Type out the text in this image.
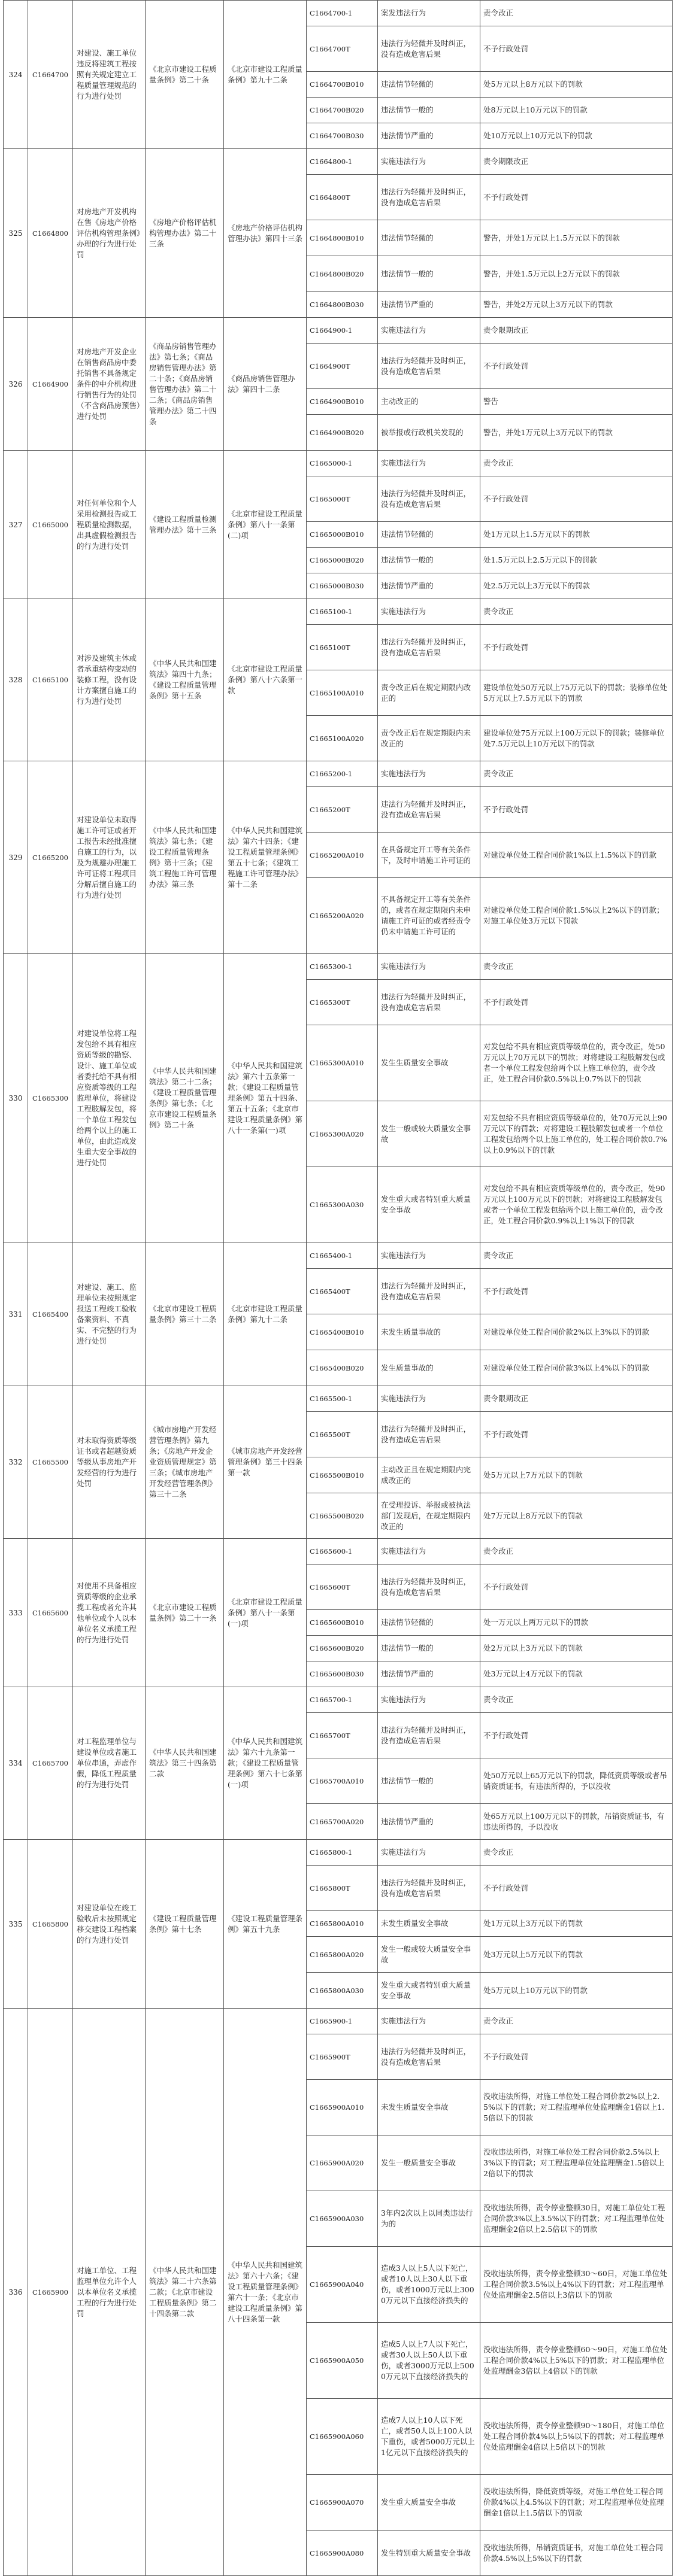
324	C1664700	对建设、施工单位违反将建筑工程按照有关规定建立工程质量管理规范的行为进行处罚	《北京市建设工程质量条例》第二十条	《北京市建设工程质量条例》第九十二条	C1664700-1	案发违法行为	责令改正
					C1664700T	违法行为轻微并及时纠正，没有造成危害后果	不予行政处罚
					C1664700B010	违法情节轻微的	处5万元以上8万元以下的罚款
					C1664700B020	违法情节一般的	处8万元以上10万元以下的罚款
					C1664700B030	违法情节严重的	处10万元以上10万元以下的罚款
325	C1664800	对房地产开发机构在售《房地产价格评估机构管理条例》办理的行为进行处罚	《房地产价格评估机构管理办法》第二十三条	《房地产价格评估机构管理办法》第四十三条	C1664800-1	实施违法行为	责令期限改正
					C1664800T	违法行为轻微并及时纠正，没有造成危害后果	不予行政处罚
					C1664800B010	违法情节轻微的	警告，并处1万元以上1.5万元以下的罚款
					C1664800B020	违法情节一般的	警告，并处1.5万元以上2万元以下的罚款
					C1664800B030	违法情节严重的	警告，并处2万元以上3万元以下的罚款
326	C1664900	对房地产开发企业在销售商品房中委托销售不具备规定条件的中介机构进行销售行为的处罚（不含商品房预售）进行处罚	《商品房销售管理办法》第七条；《商品房销售管理办法》第二十条；《商品房销售管理办法》第二十二条；《商品房销售管理办法》第二十四条	《商品房销售管理办法》第四十二条	C1664900-1	实施违法行为	责令限期改正
					C1664900T	违法行为轻微并及时纠正，没有造成危害后果	不予行政处罚
					C1664900B010	主动改正的	警告
					C1664900B020	被举报或行政机关发现的	警告，并处1万元以上3万元以下的罚款
327	C1665000	对任何单位和个人采用检测报告或工程质量检测数据，出具虚假检测报告的行为进行处罚	《建设工程质量检测管理办法》第十三条	《北京市建设工程质量条例》第八十一条第(二)项	C1665000-1	实施违法行为	责令改正
					C1665000T	违法行为轻微并及时纠正，没有造成危害后果	不予行政处罚
					C1665000B010	违法情节轻微的	处1万元以上1.5万元以下的罚款
					C1665000B020	违法情节一般的	处1.5万元以上2.5万元以下的罚款
					C1665000B030	违法情节严重的	处2.5万元以上3万元以下的罚款
328	C1665100	对涉及建筑主体或者承重结构变动的装修工程，没有设计方案擅自施工的行为进行处罚	《中华人民共和国建筑法》第四十九条；《建设工程质量管理条例》第十五条	《北京市建设工程质量条例》第八十六条第一款	C1665100-1	实施违法行为	责令改正
					C1665100T	违法行为轻微并及时纠正，没有造成危害后果	不予行政处罚
					C1665100A010	责令改正后在规定期限内改正的	建设单位处50万元以上75万元以下的罚款；装修单位处5万元以上7.5万元以下的罚款
					C1665100A020	责令改正后在规定期限内未改正的	建设单位处75万元以上100万元以下的罚款；装修单位处7.5万元以上10万元以下的罚款
329	C1665200	对建设单位未取得施工许可证或者开工报告未经批准擅自施工的行为，以及为规避办理施工许可证将工程项目分解后擅自施工的行为进行处罚	《中华人民共和国建筑法》第七条；《建设工程质量管理条例》第十三条；《建筑工程施工许可管理办法》第三条	《中华人民共和国建筑法》第六十四条；《建设工程质量管理条例》第五十七条；《建筑工程施工许可管理办法》第十二条	C1665200-1	实施违法行为	责令改正
					C1665200T	违法行为轻微并及时纠正，没有造成危害后果	不予行政处罚
					C1665200A010	在具备规定开工等有关条件下，及时申请施工许可证的	对建设单位处工程合同价款1%以上1.5%以下的罚款
					C1665200A020	不具备规定开工等有关条件的，或者在规定期限内未申请施工许可证的或者经责令仍未申请施工许可证的	对建设单位处工程合同价款1.5%以上2%以下的罚款；对施工单位处3万元以下罚款
330	C1665300	对建设单位将工程发包给不具有相应资质等级的勘察、设计、施工单位或者委托给不具有相应资质等级的工程监理单位，将建设工程肢解发包，将一个单位工程发包给两个以上的施工单位，由此造成发生重大安全事故的进行处罚	《中华人民共和国建筑法》第二十二条；《建设工程质量管理条例》第七条；《北京市建设工程质量条例》第二十条	《中华人民共和国建筑法》第六十五条第一款；《建设工程质量管理条例》第五十四条、第五十五条；《北京市建设工程质量条例》第八十一条第(一)项	C1665300-1	实施违法行为	责令改正
					C1665300T	违法行为轻微并及时纠正，没有造成危害后果	不予行政处罚
					C1665300A010	发生生质量安全事故	对发包给不具有相应资质等级单位的，责令改正，处50万元以上70万元以下的罚款；对将建设工程肢解发包或者一个单位工程发包给两个以上施工单位的，责令改正，处工程合同价款0.5%以上0.7%以下的罚款
					C1665300A020	发生一般或较大质量安全事故	对发包给不具有相应资质等级单位的，处70万元以上90万元以下的罚款；对将建设工程肢解发包或者一个单位工程发包给两个以上施工单位的，处工程合同价款0.7%以上0.9%以下的罚款
					C1665300A030	发生重大或者特别重大质量安全事故	对发包给不具有相应资质等级单位的，责令改正，处90万元以上100万元以下的罚款；对将建设工程肢解发包或者一个单位工程发包给两个以上施工单位的，责令改正，处工程合同价款0.9%以上1%以下的罚款
331	C1665400	对建设、施工、监理单位未按照规定报送工程竣工验收备案资料、不真实、不完整的行为进行处罚	《北京市建设工程质量条例》第三十二条	《北京市建设工程质量条例》第九十二条	C1665400-1	实施违法行为	责令改正
					C1665400T	违法行为轻微并及时纠正，没有造成危害后果	不予行政处罚
					C1665400B010	未发生质量事故的	对建设单位处工程合同价款2%以上3%以下的罚款
					C1665400B020	发生质量事故的	对建设单位处工程合同价款3%以上4%以下的罚款
332	C1665500	对未取得资质等级证书或者超越资质等级从事房地产开发经营的行为进行处罚	《城市房地产开发经营管理条例》第九条；《房地产开发企业资质管理规定》第三条；《城市房地产开发经营管理条例》第三十二条	《城市房地产开发经营管理条例》第三十四条第一款	C1665500-1	实施违法行为	责令限期改正
					C1665500T	违法行为轻微并及时纠正，没有造成危害后果	不予行政处罚
					C1665500B010	主动改正且在规定期限内完成改正的	处5万元以上7万元以下的罚款
					C1665500B020	在受理投诉、举报或被执法部门发现后，在规定期限内改正的	处7万元以上8万元以下的罚款
333	C1665600	对使用不具备相应资质等级的企业承揽工程或者允许其他单位或个人以本单位名义承揽工程的行为进行处罚	《北京市建设工程质量条例》第二十一条	《北京市建设工程质量条例》第八十一条第(一)项	C1665600-1	实施违法行为	责令改正
					C1665600T	违法行为轻微并及时纠正，没有造成危害后果	不予行政处罚
					C1665600B010	违法情节轻微的	处一万元以上两万元以下的罚款
					C1665600B020	违法情节一般的	处2万元以上3万元以下的罚款
					C1665600B030	违法情节严重的	处3万元以上4万元以下的罚款
334	C1665700	对工程监理单位与建设单位或者施工单位串通，弄虚作假，降低工程质量的行为进行处罚	《中华人民共和国建筑法》第三十四条第二款	《中华人民共和国建筑法》第六十九条第一款；《建设工程质量管理条例》第六十七条第(一)项	C1665700-1	实施违法行为	责令改正
					C1665700T	违法行为轻微并及时纠正，没有造成危害后果	不予行政处罚
					C1665700A010	违法情节一般的	处50万元以上65万元以下的罚款，降低资质等级或者吊销资质证书，有违法所得的，予以没收
					C1665700A020	违法情节严重的	处65万元以上100万元以下的罚款，吊销资质证书，有违法所得的，予以没收
335	C1665800	对建设单位在竣工验收后未按照规定移交建设工程档案的行为进行处罚	《建设工程质量管理条例》第十七条	《建设工程质量管理条例》第五十九条	C1665800-1	实施违法行为	责令改正
					C1665800T	违法行为轻微并及时纠正，没有造成危害后果	不予行政处罚
					C1665800A010	未发生质量安全事故	处1万元以上3万元以下的罚款
					C1665800A020	发生一般或较大质量安全事故	处3万元以上5万元以下的罚款
					C1665800A030	发生重大或者特别重大质量安全事故	处5万元以上10万元以下的罚款
336	C1665900	对施工单位、工程监理单位允许个人以本单位名义承揽工程的行为进行处罚	《中华人民共和国建筑法》第二十六条第二款；《北京市建设工程质量条例》第二十四条第二款	《中华人民共和国建筑法》第六十六条；《建设工程质量管理条例》第六十一条；《北京市建设工程质量条例》第八十四条第一款	C1665900-1	实施违法行为	责令改正
					C1665900T	违法行为轻微并及时纠正，没有造成危害后果	不予行政处罚
					C1665900A010	未发生质量安全事故	没收违法所得，对施工单位处工程合同价款2%以上2.5%以下的罚款；对工程监理单位处监理酬金1倍以上1.5倍以下的罚款
					C1665900A020	发生一般质量安全事故	没收违法所得，对施工单位处工程合同价款2.5%以上3%以下的罚款；对工程监理单位处监理酬金1.5倍以上2倍以下的罚款
					C1665900A030	3年内2次以上以同类违法行为的	没收违法所得，责令停业整顿30日，对施工单位处工程合同价款3%以上3.5%以下的罚款；对工程监理单位处监理酬金2倍以上2.5倍以下的罚款
					C1665900A040	造成3人以上5人以下死亡，或者10人以上30人以下重伤，或者1000万元以上3000万元以下直接经济损失的	没收违法所得，责令停业整顿30～60日，对施工单位处工程合同价款3.5%以上4%以下的罚款；对工程监理单位处监理酬金2.5倍以上3倍以下的罚款
					C1665900A050	造成5人以上7人以下死亡，或者30人以上50人以下重伤，或者3000万元以上5000万元以下直接经济损失的	没收违法所得，责令停业整顿60～90日，对施工单位处工程合同价款4%以上5%以下的罚款；对工程监理单位处监理酬金3倍以上4倍以下的罚款
					C1665900A060	造成7人以上10人以下死亡，或者50人以上100人以下重伤，或者5000万元以上1亿元以下直接经济损失的	没收违法所得，责令停业整顿90～180日，对施工单位处工程合同价款4%以上5%以下的罚款；对工程监理单位处监理酬金4倍以上5倍以下的罚款
					C1665900A070	发生重大质量安全事故	没收违法所得，降低资质等级，对施工单位处工程合同价款4%以上4.5%以下的罚款；对工程监理单位处监理酬金1倍以上1.5倍以下的罚款
					C1665900A080	发生特别重大质量安全事故	没收违法所得，吊销资质证书，对施工单位处工程合同价款4.5%以上5%以下的罚款
